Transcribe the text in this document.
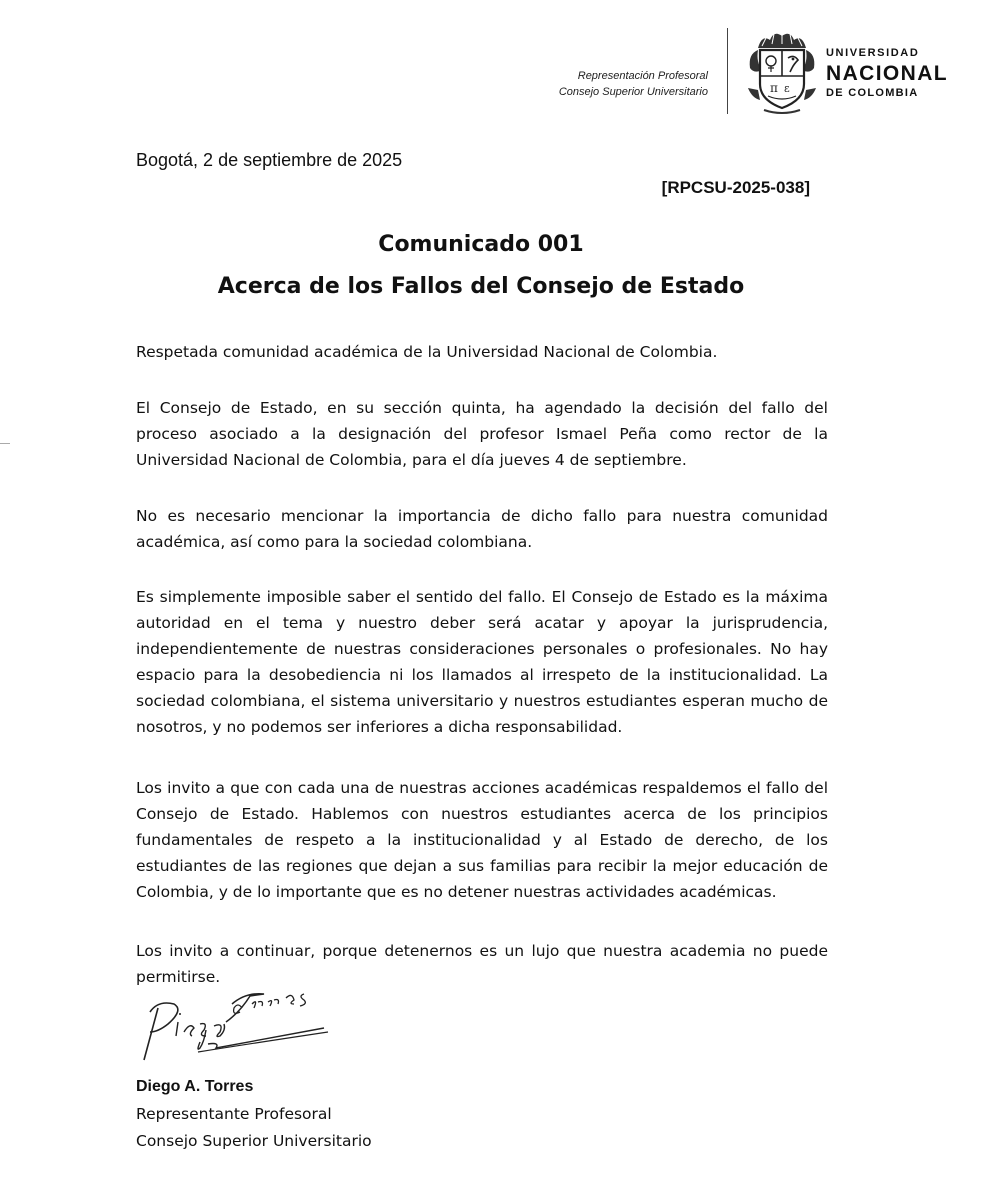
Representación Profesoral
Consejo Superior Universitario	π ε
UNIVERSIDAD
NACIONAL
DE COLOMBIA
Bogotá, 2 de septiembre de 2025
[RPCSU-2025-038]
Comunicado 001
Acerca de los Fallos del Consejo de Estado

Respetada comunidad académica de la Universidad Nacional de Colombia.

El Consejo de Estado, en su sección quinta, ha agendado la decisión del fallo del proceso asociado a la designación del profesor Ismael Peña como rector de la Universidad Nacional de Colombia, para el día jueves 4 de septiembre.

No es necesario mencionar la importancia de dicho fallo para nuestra comunidad académica, así como para la sociedad colombiana.

Es simplemente imposible saber el sentido del fallo. El Consejo de Estado es la máxima autoridad en el tema y nuestro deber será acatar y apoyar la jurisprudencia, independientemente de nuestras consideraciones personales o profesionales. No hay espacio para la desobediencia ni los llamados al irrespeto de la institucionalidad. La sociedad colombiana, el sistema universitario y nuestros estudiantes esperan mucho de nosotros, y no podemos ser inferiores a dicha responsabilidad.

Los invito a que con cada una de nuestras acciones académicas respaldemos el fallo del Consejo de Estado. Hablemos con nuestros estudiantes acerca de los principios fundamentales de respeto a la institucionalidad y al Estado de derecho, de los estudiantes de las regiones que dejan a sus familias para recibir la mejor educación de Colombia, y de lo importante que es no detener nuestras actividades académicas.

Los invito a continuar, porque detenernos es un lujo que nuestra academia no puede permitirse.

Diego A. Torres
Representante Profesoral
Consejo Superior Universitario
